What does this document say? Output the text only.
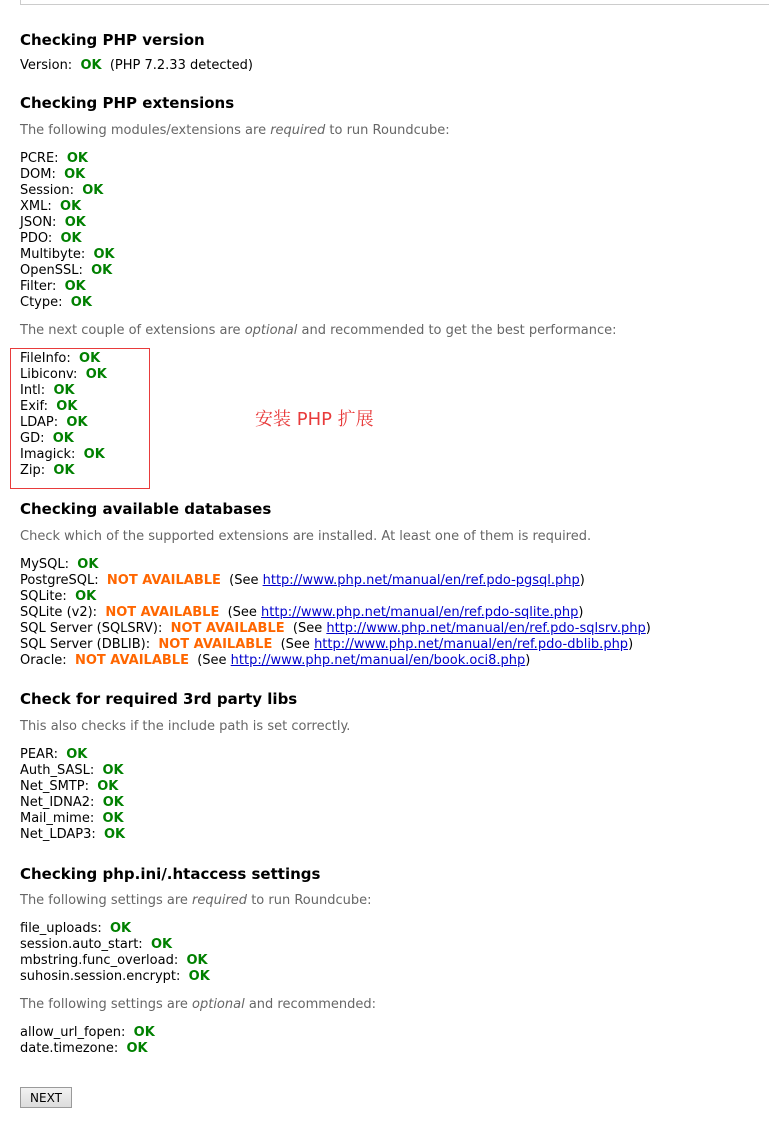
Checking PHP version
Version: OK (PHP 7.2.33 detected)
Checking PHP extensions
The following modules/extensions are required to run Roundcube:
PCRE: OK
DOM: OK
Session: OK
XML: OK
JSON: OK
PDO: OK
Multibyte: OK
OpenSSL: OK
Filter: OK
Ctype: OK
The next couple of extensions are optional and recommended to get the best performance:
FileInfo: OK
Libiconv: OK
Intl: OK
Exif: OK
LDAP: OK
GD: OK
Imagick: OK
Zip: OK
Checking available databases
Check which of the supported extensions are installed. At least one of them is required.
MySQL: OK
PostgreSQL: NOT AVAILABLE (See http://www.php.net/manual/en/ref.pdo-pgsql.php)
SQLite: OK
SQLite (v2): NOT AVAILABLE (See http://www.php.net/manual/en/ref.pdo-sqlite.php)
SQL Server (SQLSRV): NOT AVAILABLE (See http://www.php.net/manual/en/ref.pdo-sqlsrv.php)
SQL Server (DBLIB): NOT AVAILABLE (See http://www.php.net/manual/en/ref.pdo-dblib.php)
Oracle: NOT AVAILABLE (See http://www.php.net/manual/en/book.oci8.php)
Check for required 3rd party libs
This also checks if the include path is set correctly.
PEAR: OK
Auth_SASL: OK
Net_SMTP: OK
Net_IDNA2: OK
Mail_mime: OK
Net_LDAP3: OK
Checking php.ini/.htaccess settings
The following settings are required to run Roundcube:
file_uploads: OK
session.auto_start: OK
mbstring.func_overload: OK
suhosin.session.encrypt: OK
The following settings are optional and recommended:
allow_url_fopen: OK
date.timezone: OK
安装 PHP 扩展
NEXT
